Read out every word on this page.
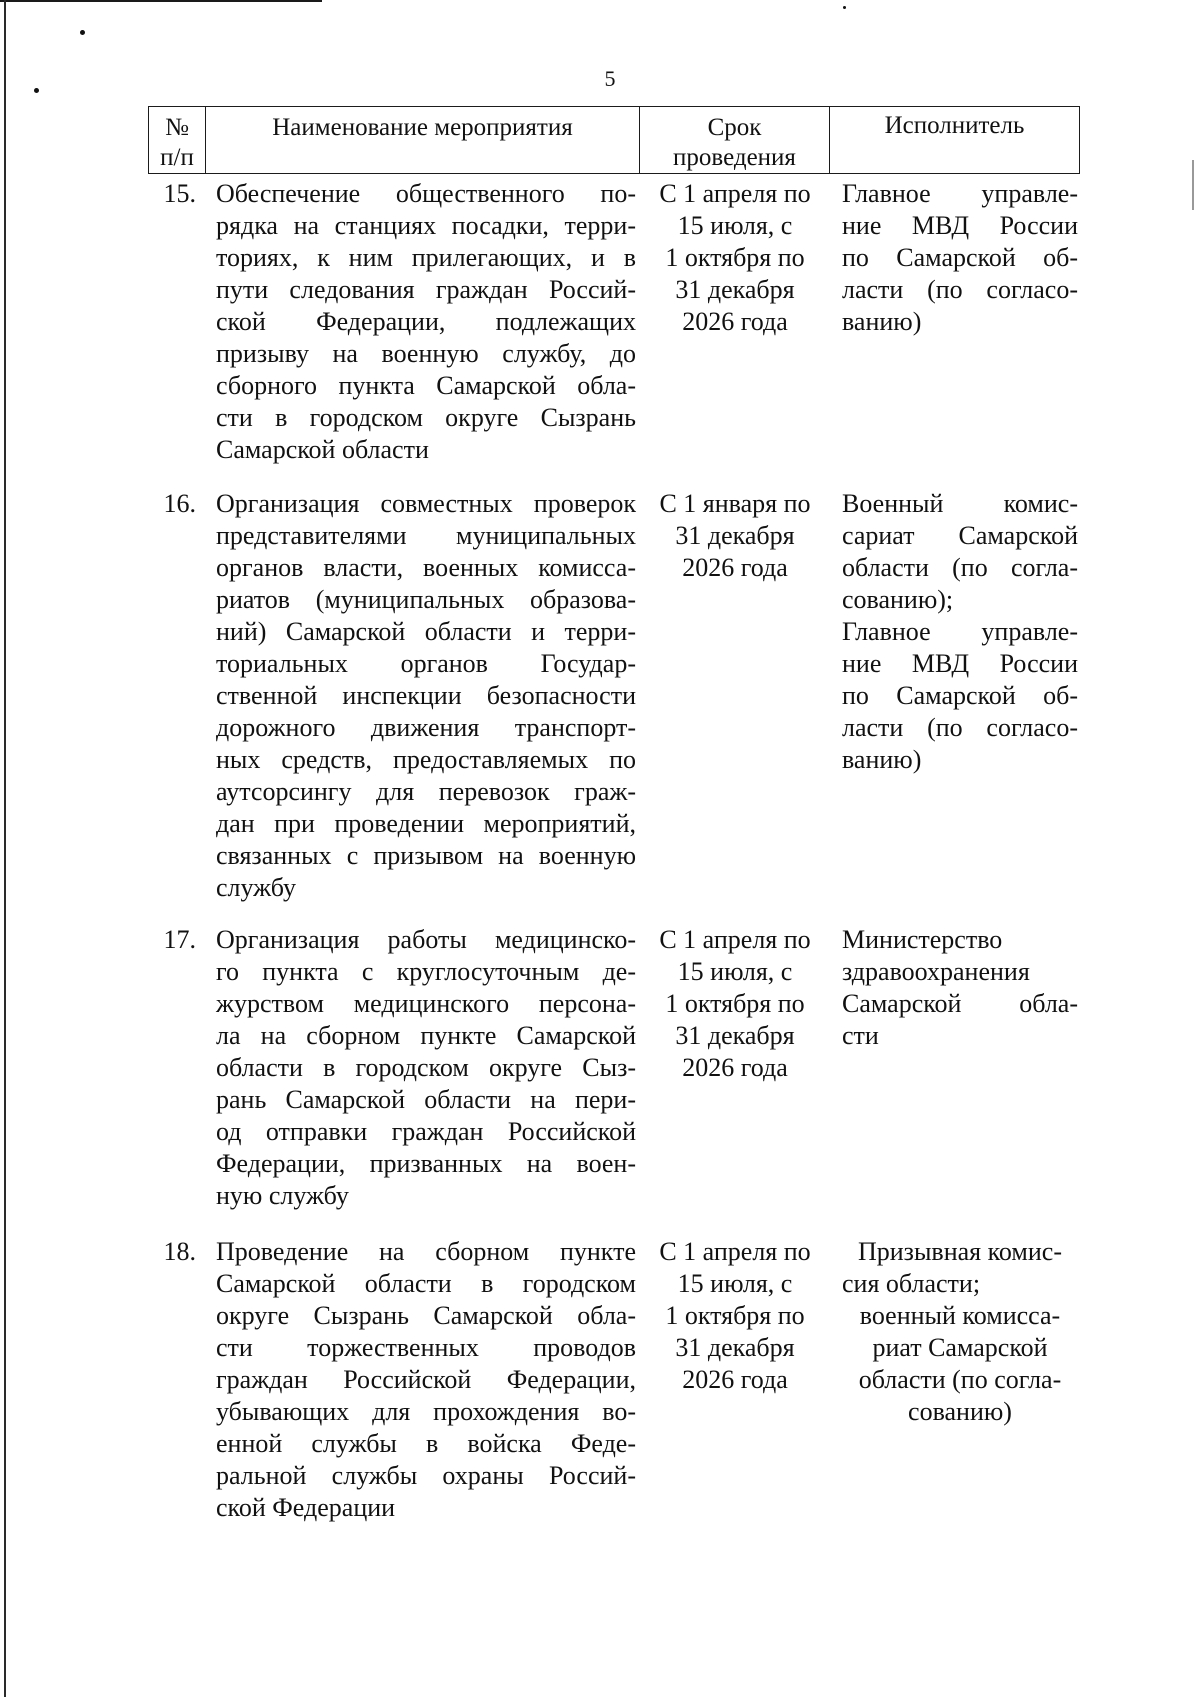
5
№
п/п
Наименование мероприятия	Срок
проведения
Исполнитель
15. Обеспечение общественного по-
рядка на станциях посадки, терри-
ториях, к ним прилегающих, и в
пути следования граждан Россий-
ской Федерации, подлежащих
призыву на военную службу, до
сборного пункта Самарской обла-
сти в городском округе Сызрань
Самарской области
С 1 апреля по
15 июля, с
1 октября по
31 декабря
2026 года
Главное управле-
ние МВД России
по Самарской об-
ласти (по согласо-
ванию)
16. Организация совместных проверок
представителями муниципальных
органов власти, военных комисса-
риатов (муниципальных образова-
ний) Самарской области и терри-
ториальных органов Государ-
ственной инспекции безопасности
дорожного движения транспорт-
ных средств, предоставляемых по
аутсорсингу для перевозок граж-
дан при проведении мероприятий,
связанных с призывом на военную
службу
С 1 января по
31 декабря
2026 года
Военный комис-
сариат Самарской
области (по согла-
сованию);
Главное управле-
ние МВД России
по Самарской об-
ласти (по согласо-
ванию)
17. Организация работы медицинско-
го пункта с круглосуточным де-
журством медицинского персона-
ла на сборном пункте Самарской
области в городском округе Сыз-
рань Самарской области на пери-
од отправки граждан Российской
Федерации, призванных на воен-
ную службу
С 1 апреля по
15 июля, с
1 октября по
31 декабря
2026 года
Министерство
здравоохранения
Самарской обла-
сти
18. Проведение на сборном пункте
Самарской области в городском
округе Сызрань Самарской обла-
сти торжественных проводов
граждан Российской Федерации,
убывающих для прохождения во-
енной службы в войска Феде-
ральной службы охраны Россий-
ской Федерации
С 1 апреля по
15 июля, с
1 октября по
31 декабря
2026 года
Призывная комис-
сия области;
военный комисса-
риат Самарской
области (по согла-
сованию)
